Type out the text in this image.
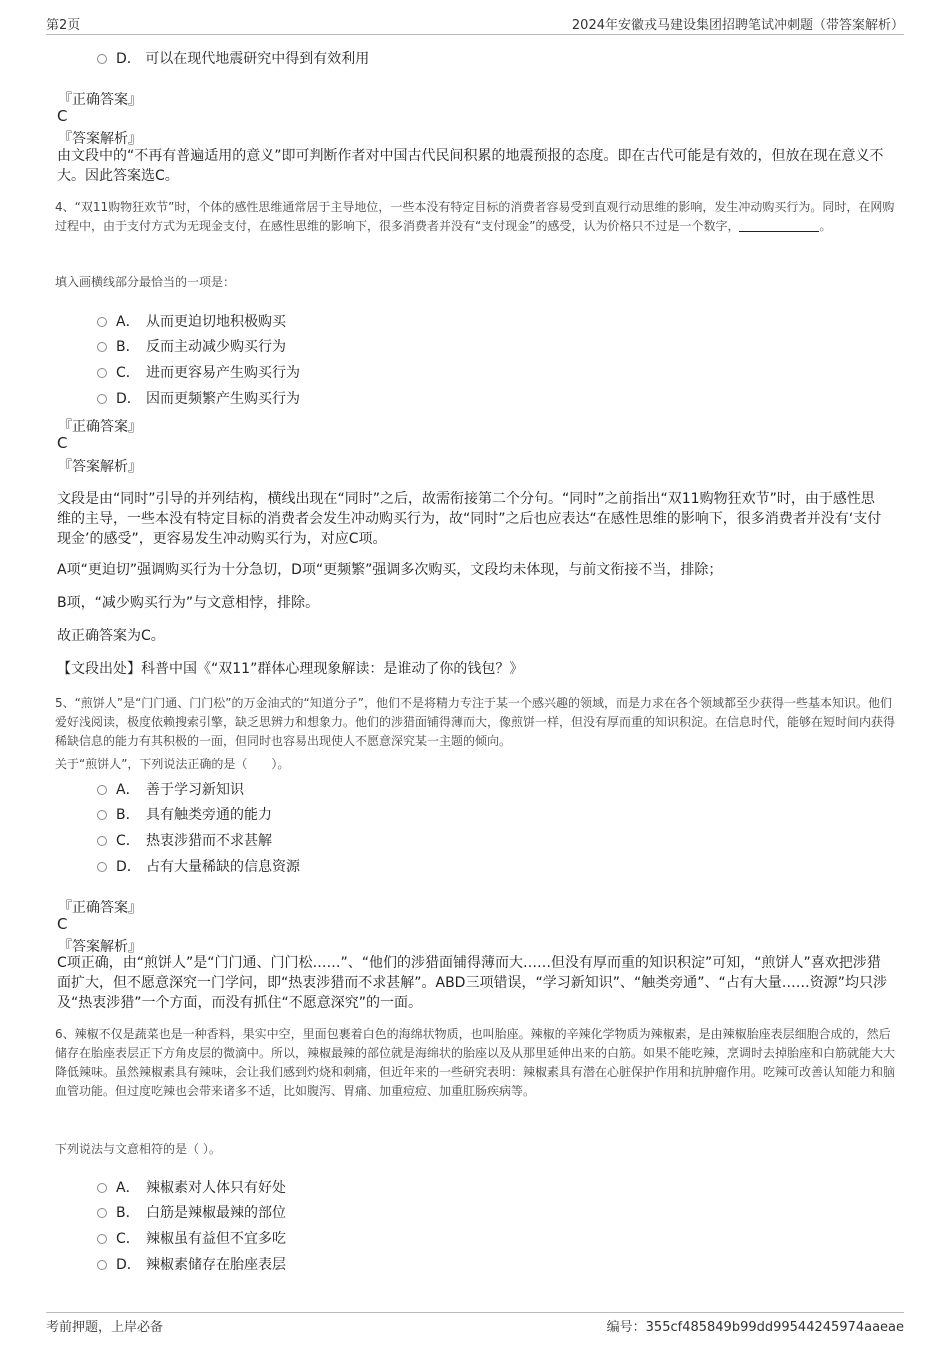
第2页	2024年安徽戎马建设集团招聘笔试冲刺题（带答案解析）
D． 可以在现代地震研究中得到有效利用
『正确答案』
C
『答案解析』
由文段中的“不再有普遍适用的意义”即可判断作者对中国古代民间积累的地震预报的态度。即在古代可能是有效的，但放在现在意义不大。因此答案选C。
4、“双11购物狂欢节”时，个体的感性思维通常居于主导地位，一些本没有特定目标的消费者容易受到直观行动思维的影响，发生冲动购买行为。同时，在网购过程中，由于支付方式为无现金支付，在感性思维的影响下，很多消费者并没有“支付现金”的感受，认为价格只不过是一个数字，	。
填入画横线部分最恰当的一项是：
A． 从而更迫切地积极购买
B． 反而主动减少购买行为
C． 进而更容易产生购买行为
D． 因而更频繁产生购买行为
『正确答案』
C
『答案解析』
文段是由“同时”引导的并列结构，横线出现在“同时”之后，故需衔接第二个分句。“同时”之前指出“双11购物狂欢节”时，由于感性思维的主导，一些本没有特定目标的消费者会发生冲动购买行为，故“同时”之后也应表达“在感性思维的影响下，很多消费者并没有‘支付现金’的感受”，更容易发生冲动购买行为，对应C项。
A项“更迫切”强调购买行为十分急切，D项“更频繁”强调多次购买，文段均未体现，与前文衔接不当，排除；
B项，“减少购买行为”与文意相悖，排除。
故正确答案为C。
【文段出处】科普中国《“双11”群体心理现象解读：是谁动了你的钱包？》
5、“煎饼人”是“门门通、门门松”的万金油式的“知道分子”，他们不是将精力专注于某一个感兴趣的领域，而是力求在各个领域都至少获得一些基本知识。他们爱好浅阅读，极度依赖搜索引擎，缺乏思辨力和想象力。他们的涉猎面铺得薄而大，像煎饼一样，但没有厚而重的知识积淀。在信息时代，能够在短时间内获得稀缺信息的能力有其积极的一面，但同时也容易出现使人不愿意深究某一主题的倾向。
关于“煎饼人”，下列说法正确的是（　　）。
A． 善于学习新知识
B． 具有触类旁通的能力
C． 热衷涉猎而不求甚解
D． 占有大量稀缺的信息资源
『正确答案』
C
『答案解析』
C项正确，由“煎饼人”是“门门通、门门松……”、“他们的涉猎面铺得薄而大……但没有厚而重的知识积淀”可知，“煎饼人”喜欢把涉猎面扩大，但不愿意深究一门学问，即“热衷涉猎而不求甚解”。ABD三项错误，“学习新知识”、“触类旁通”、“占有大量……资源”均只涉及“热衷涉猎”一个方面，而没有抓住“不愿意深究”的一面。
6、辣椒不仅是蔬菜也是一种香料，果实中空，里面包裹着白色的海绵状物质，也叫胎座。辣椒的辛辣化学物质为辣椒素，是由辣椒胎座表层细胞合成的，然后储存在胎座表层正下方角皮层的微滴中。所以，辣椒最辣的部位就是海绵状的胎座以及从那里延伸出来的白筋。如果不能吃辣，烹调时去掉胎座和白筋就能大大降低辣味。虽然辣椒素具有辣味，会让我们感到灼烧和刺痛，但近年来的一些研究表明：辣椒素具有潜在心脏保护作用和抗肿瘤作用。吃辣可改善认知能力和脑血管功能。但过度吃辣也会带来诸多不适，比如腹泻、胃痛、加重痘痘、加重肛肠疾病等。
下列说法与文意相符的是（ ）。
A． 辣椒素对人体只有好处
B． 白筋是辣椒最辣的部位
C． 辣椒虽有益但不宜多吃
D． 辣椒素储存在胎座表层
考前押题，上岸必备	编号：355cf485849b99dd99544245974aaeae
